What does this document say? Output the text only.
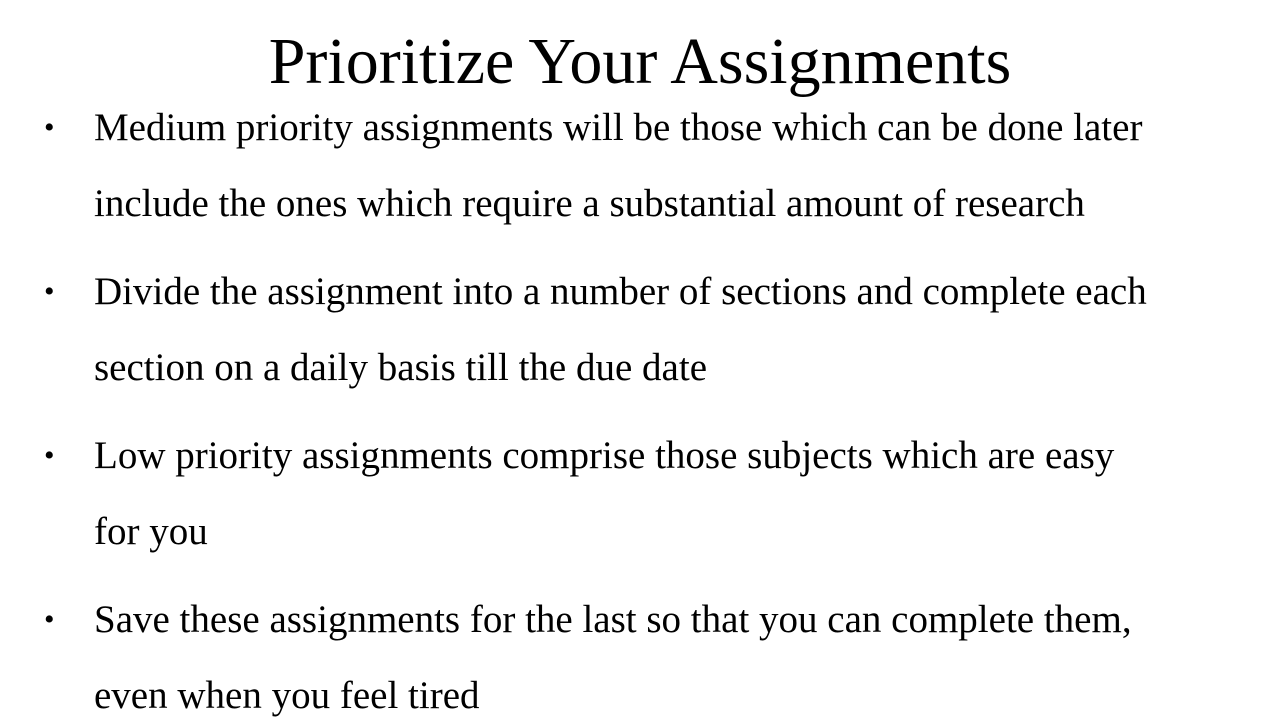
Prioritize Your Assignments
• Medium priority assignments will be those which can be done later
include the ones which require a substantial amount of research
• Divide the assignment into a number of sections and complete each
section on a daily basis till the due date
• Low priority assignments comprise those subjects which are easy
for you
• Save these assignments for the last so that you can complete them,
even when you feel tired
